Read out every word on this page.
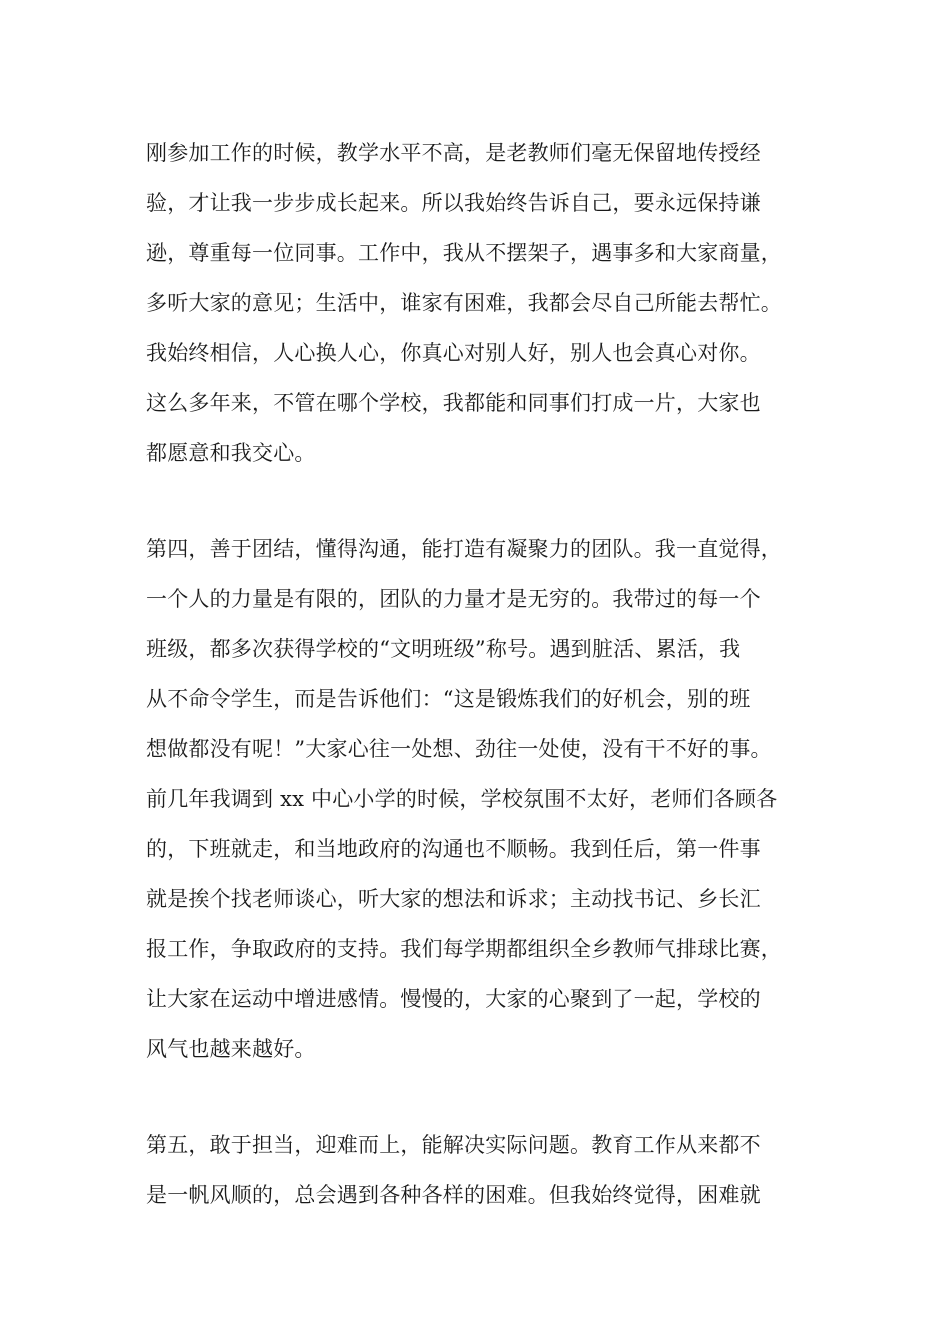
刚参加工作的时候，教学水平不高，是老教师们毫无保留地传授经
验，才让我一步步成长起来。所以我始终告诉自己，要永远保持谦
逊，尊重每一位同事。工作中，我从不摆架子，遇事多和大家商量，
多听大家的意见；生活中，谁家有困难，我都会尽自己所能去帮忙。
我始终相信，人心换人心，你真心对别人好，别人也会真心对你。
这么多年来，不管在哪个学校，我都能和同事们打成一片，大家也
都愿意和我交心。
第四，善于团结，懂得沟通，能打造有凝聚力的团队。我一直觉得，
一个人的力量是有限的，团队的力量才是无穷的。我带过的每一个
班级，都多次获得学校的“文明班级”称号。遇到脏活、累活，我
从不命令学生，而是告诉他们：“这是锻炼我们的好机会，别的班
想做都没有呢！”大家心往一处想、劲往一处使，没有干不好的事。
前几年我调到 xx 中心小学的时候，学校氛围不太好，老师们各顾各
的，下班就走，和当地政府的沟通也不顺畅。我到任后，第一件事
就是挨个找老师谈心，听大家的想法和诉求；主动找书记、乡长汇
报工作，争取政府的支持。我们每学期都组织全乡教师气排球比赛，
让大家在运动中增进感情。慢慢的，大家的心聚到了一起，学校的
风气也越来越好。
第五，敢于担当，迎难而上，能解决实际问题。教育工作从来都不
是一帆风顺的，总会遇到各种各样的困难。但我始终觉得，困难就
